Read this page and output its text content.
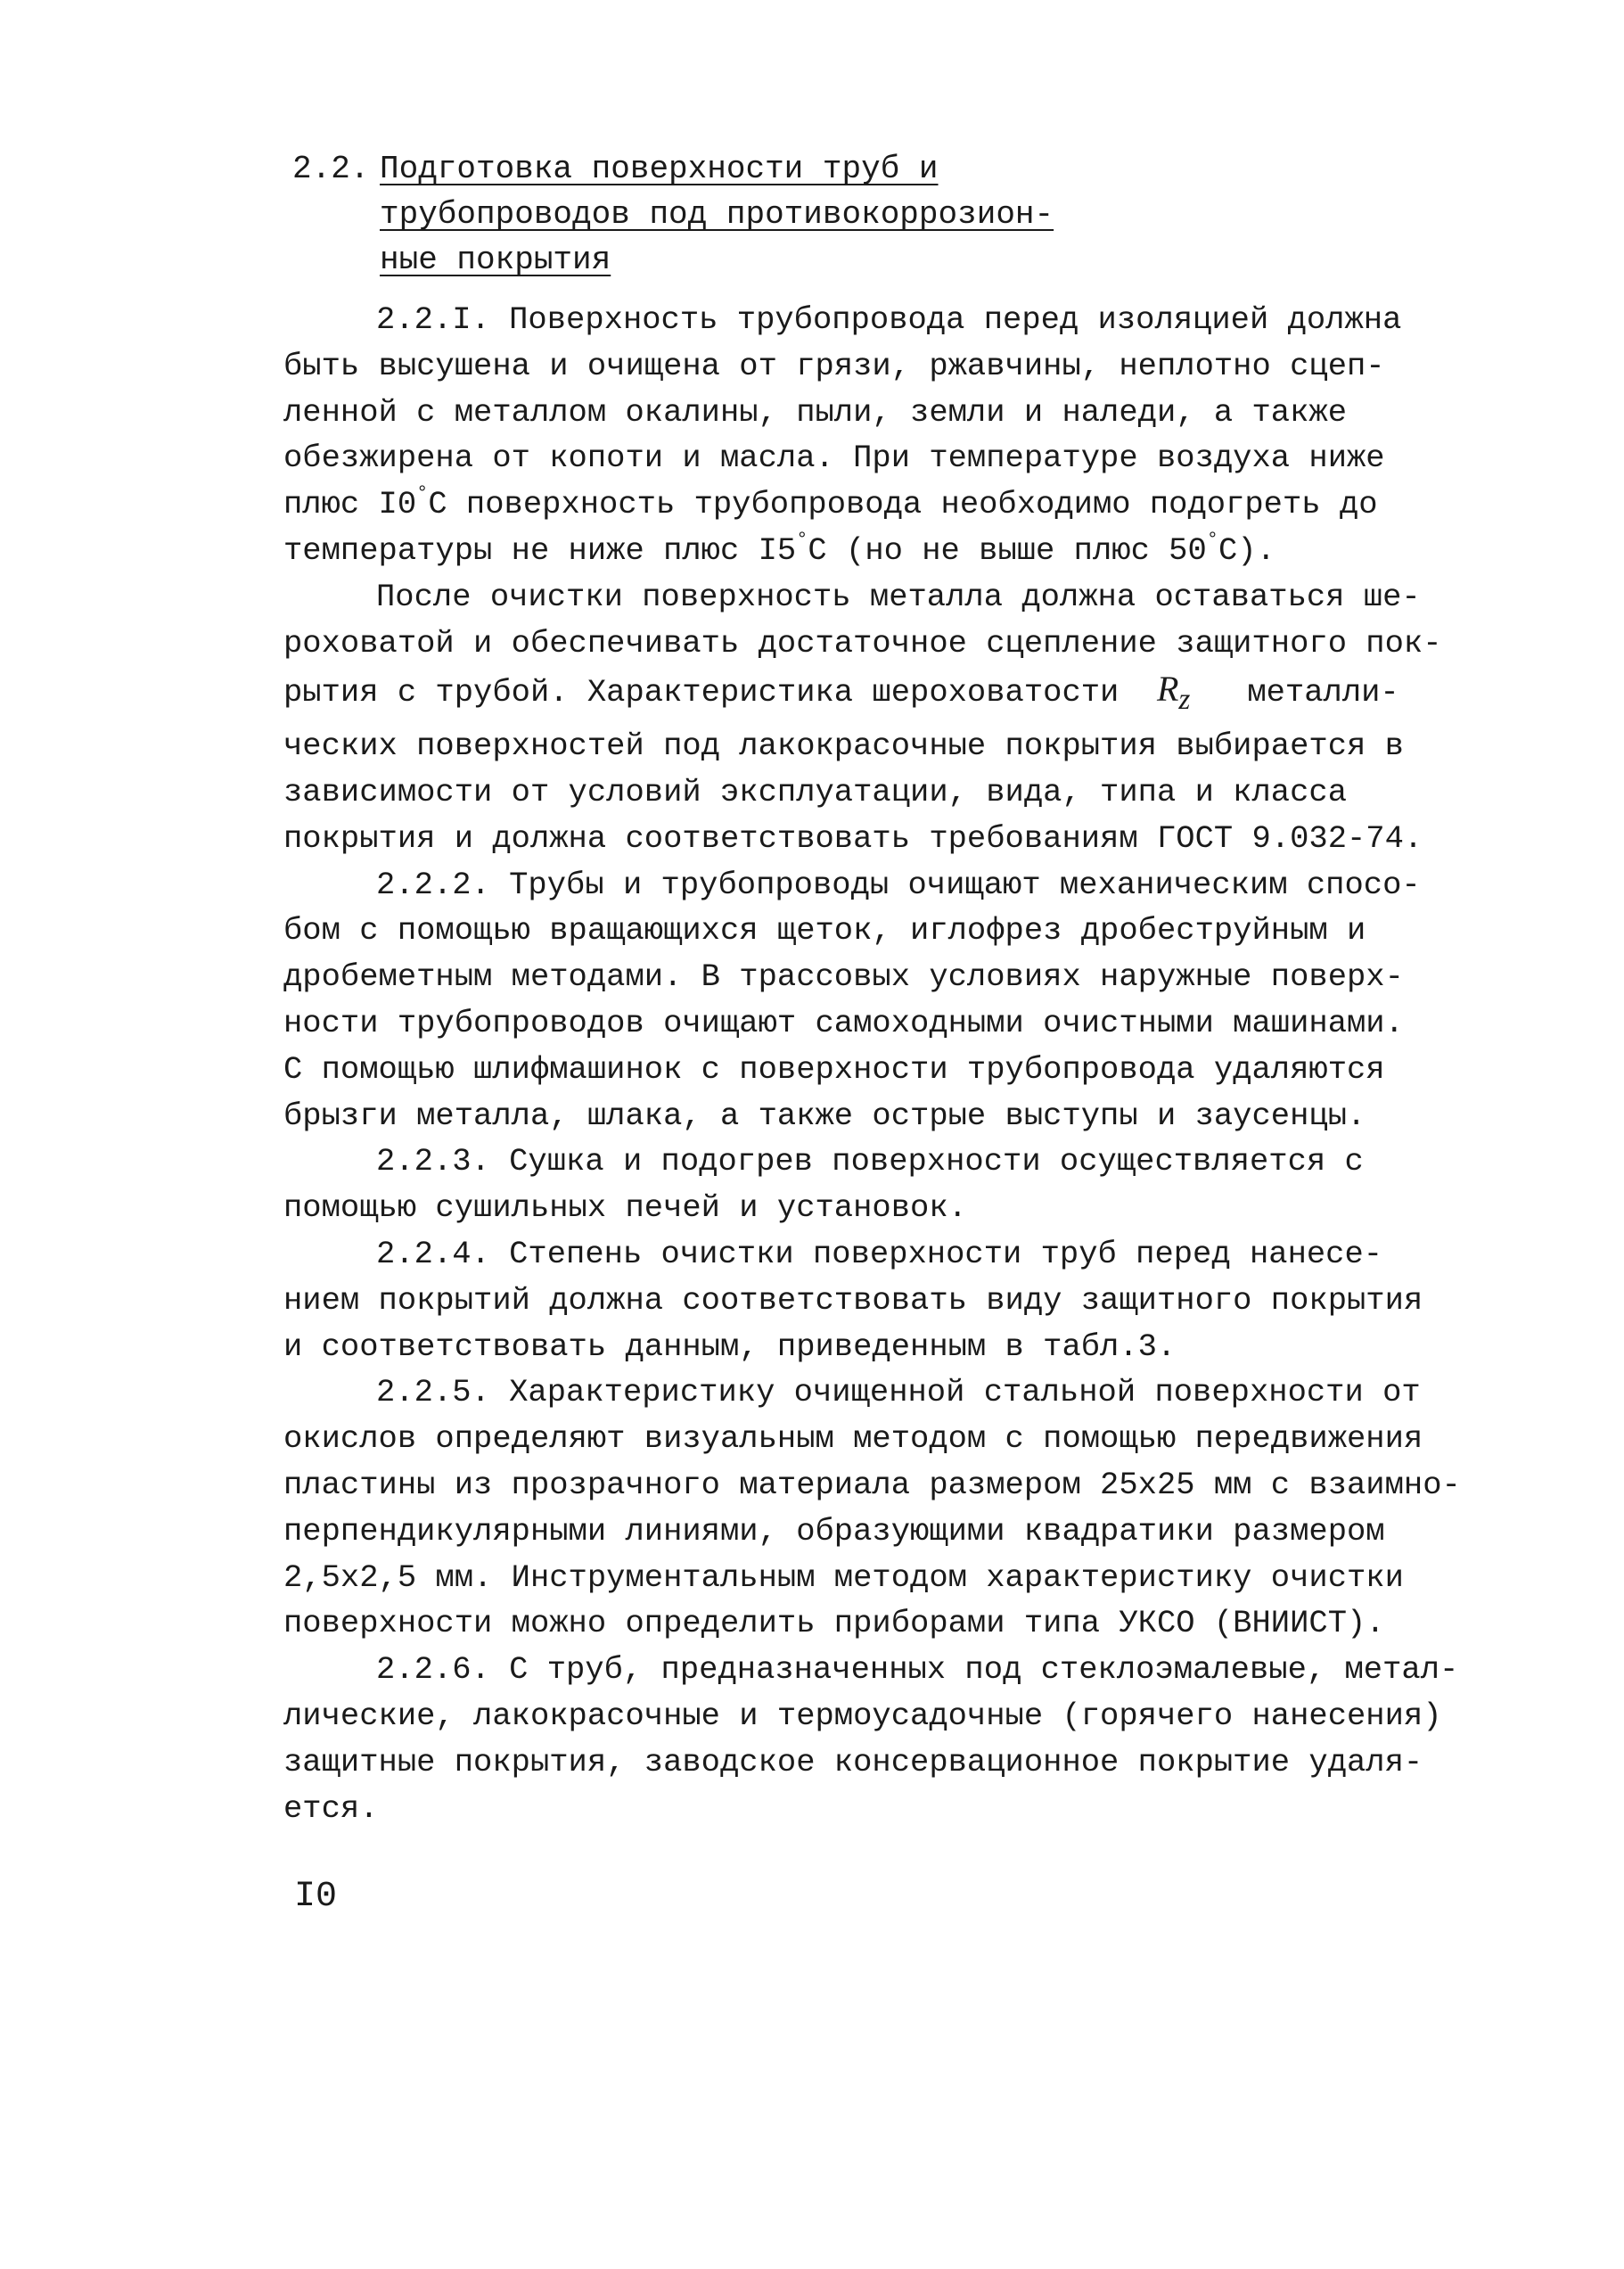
2.2. Подготовка поверхности труб и
трубопроводов под противокоррозион-
ные покрытия
2.2.I. Поверхность трубопровода перед изоляцией должна
быть высушена и очищена от грязи, ржавчины, неплотно сцеп-
ленной с металлом окалины, пыли, земли и наледи, а также
обезжирена от копоти и масла. При температуре воздуха ниже
плюс I0°С поверхность трубопровода необходимо подогреть до
температуры не ниже плюс I5°С (но не выше плюс 50°С).
После очистки поверхность металла должна оставаться ше-
роховатой и обеспечивать достаточное сцепление защитного пок-
рытия с трубой. Характеристика шероховатости $R_z$ металли-
ческих поверхностей под лакокрасочные покрытия выбирается в
зависимости от условий эксплуатации, вида, типа и класса
покрытия и должна соответствовать требованиям ГОСТ 9.032-74.
2.2.2. Трубы и трубопроводы очищают механическим спосо-
бом с помощью вращающихся щеток, иглофрез дробеструйным и
дробеметным методами. В трассовых условиях наружные поверх-
ности трубопроводов очищают самоходными очистными машинами.
С помощью шлифмашинок с поверхности трубопровода удаляются
брызги металла, шлака, а также острые выступы и заусенцы.
2.2.3. Сушка и подогрев поверхности осуществляется с
помощью сушильных печей и установок.
2.2.4. Степень очистки поверхности труб перед нанесе-
нием покрытий должна соответствовать виду защитного покрытия
и соответствовать данным, приведенным в табл.3.
2.2.5. Характеристику очищенной стальной поверхности от
окислов определяют визуальным методом с помощью передвижения
пластины из прозрачного материала размером 25х25 мм с взаимно-
перпендикулярными линиями, образующими квадратики размером
2,5х2,5 мм. Инструментальным методом характеристику очистки
поверхности можно определить приборами типа УКСО (ВНИИСТ).
2.2.6. С труб, предназначенных под стеклоэмалевые, метал-
лические, лакокрасочные и термоусадочные (горячего нанесения)
защитные покрытия, заводское консервационное покрытие удаля-
ется.
I0
